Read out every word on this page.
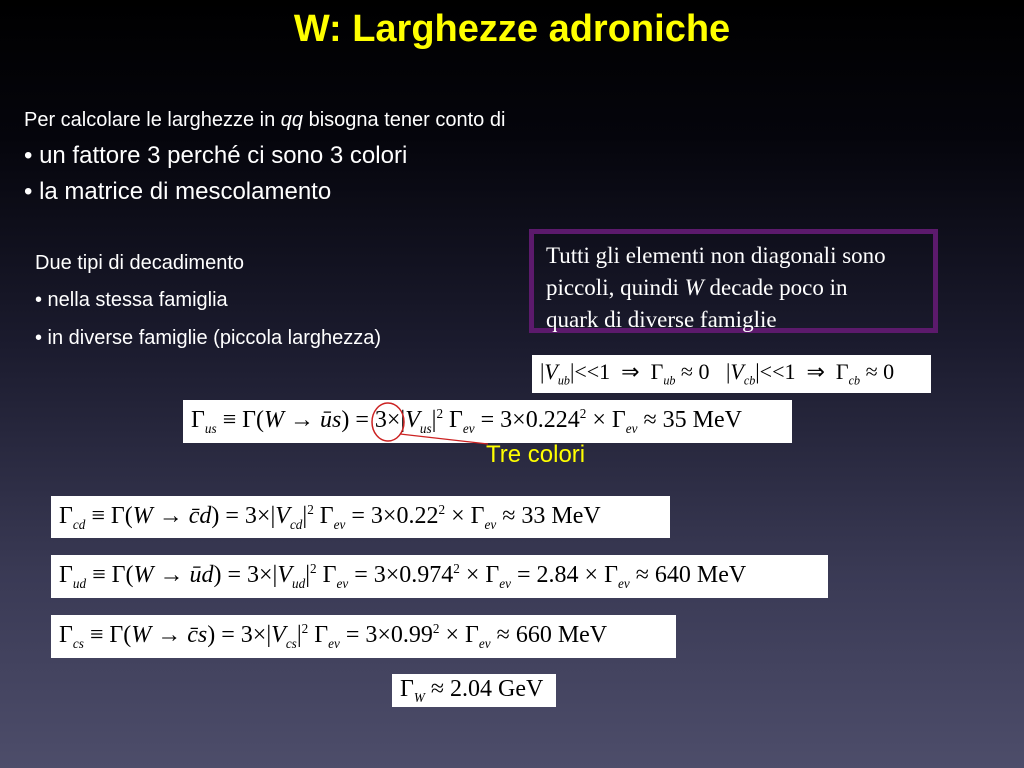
W: Larghezze adroniche
Per calcolare le larghezze in qq bisogna tener conto di
• un fattore 3 perché ci sono 3 colori
• la matrice di mescolamento
Due tipi di decadimento
• nella stessa famiglia
• in diverse famiglie (piccola larghezza)
Tutti gli elementi non diagonali sono
piccoli, quindi W decade poco in
quark di diverse famiglie
$|V_{ub}|<<1$  ⇒  $\Gamma_{ub} \approx 0$   $|V_{cb}|<<1$  ⇒  $\Gamma_{cb} \approx 0$
$\Gamma_{us} \equiv \Gamma(W$ → ūs) = $3\times|V_{us}|^2$ $\Gamma_{e\nu} = 3\times 0.224^2 \times \Gamma_{e\nu} \approx 35$ MeV
Tre colori
$\Gamma_{cd} \equiv \Gamma(W$ → c̄d) = $3\times|V_{cd}|^2$ $\Gamma_{e\nu} = 3\times 0.22^2 \times \Gamma_{e\nu} \approx 33$ MeV
$\Gamma_{ud} \equiv \Gamma(W$ → ūd) = $3\times|V_{ud}|^2$ $\Gamma_{e\nu} = 3\times 0.974^2 \times \Gamma_{e\nu} = 2.84 \times \Gamma_{e\nu} \approx 640$ MeV
$\Gamma_{cs} \equiv \Gamma(W$ → c̄s) = $3\times|V_{cs}|^2$ $\Gamma_{e\nu} = 3\times 0.99^2 \times \Gamma_{e\nu} \approx 660$ MeV
$\Gamma_W \approx 2.04$ GeV
